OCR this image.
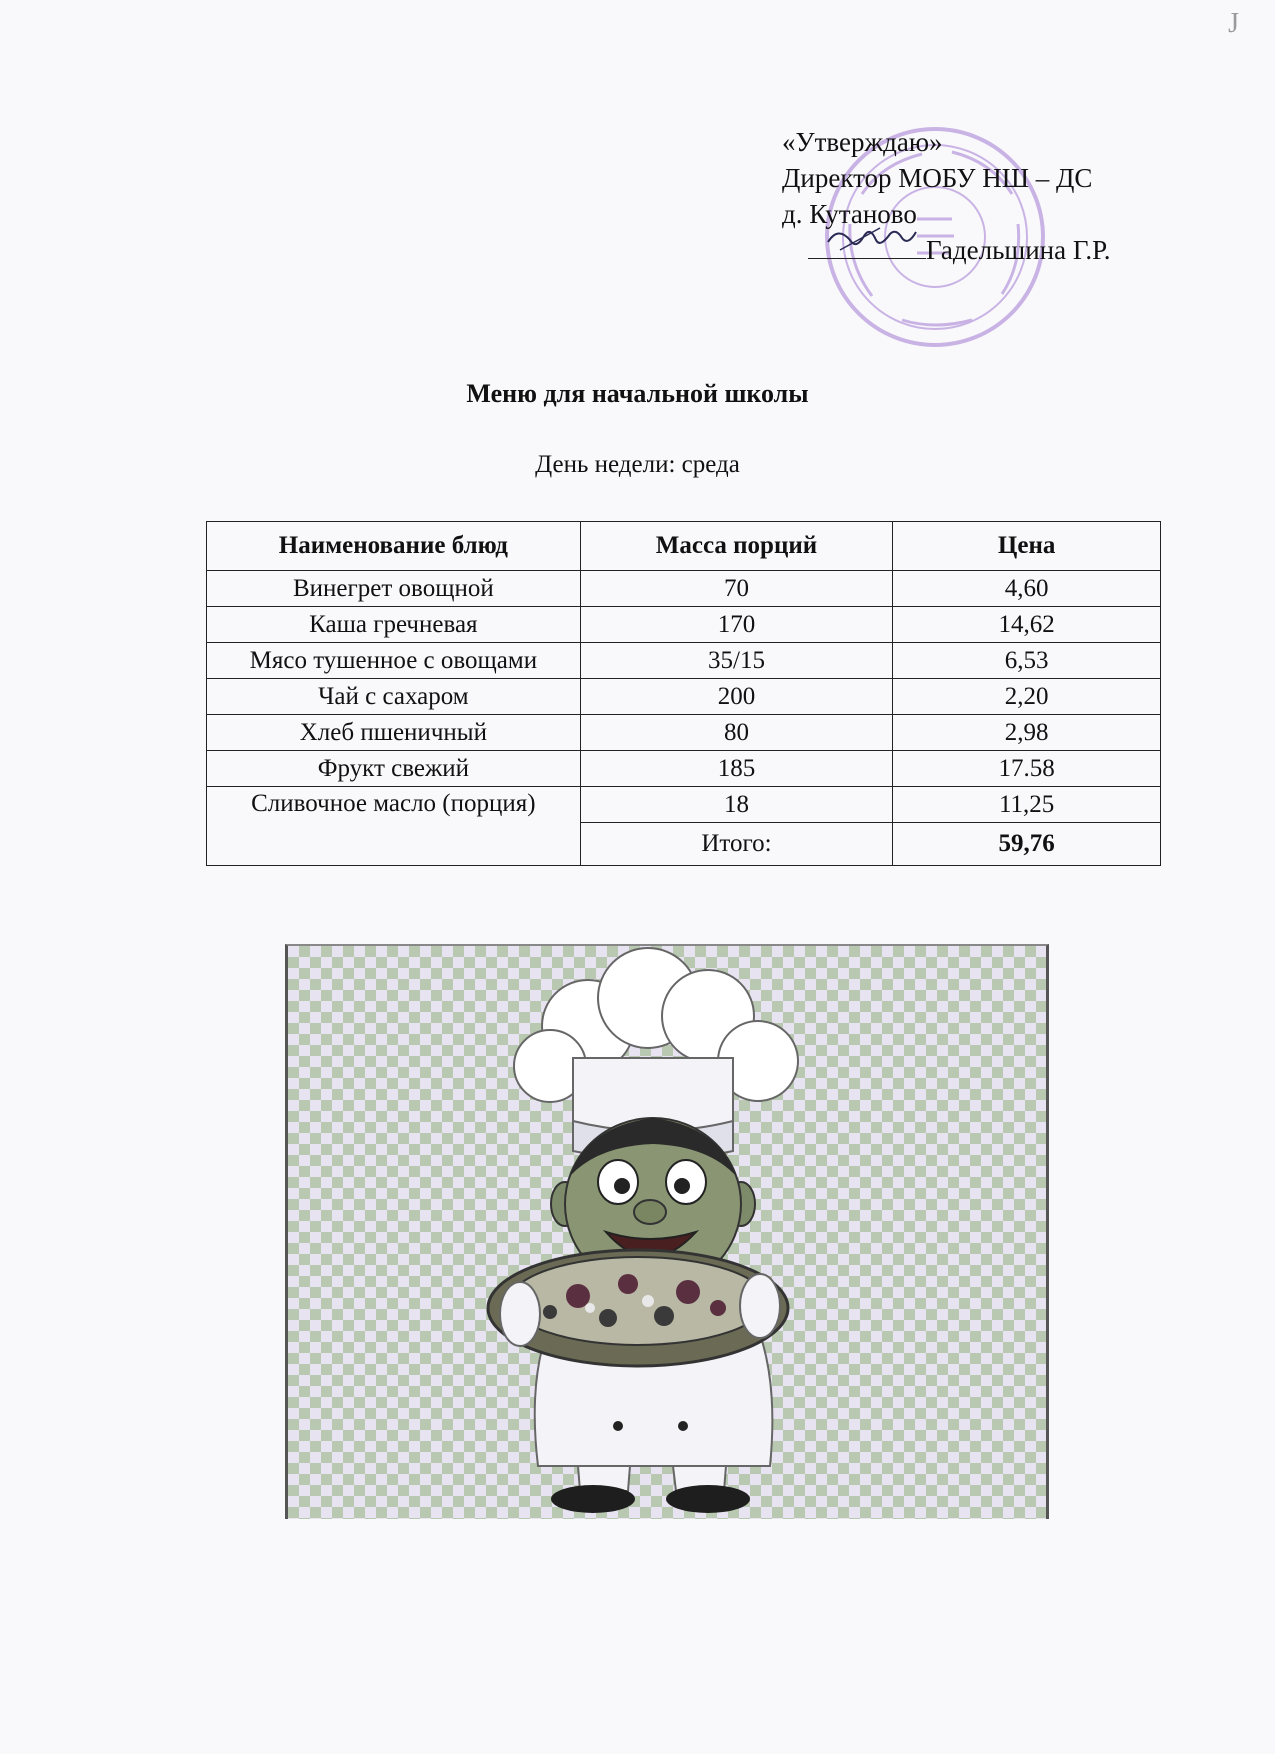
J
«Утверждаю»
Директор МОБУ НШ – ДС
д. Кутаново
Гадельшина Г.Р.
Меню для начальной школы
День недели: среда
Наименование блюд	Масса порций	Цена
Винегрет овощной	70	4,60
Каша гречневая	170	14,62
Мясо тушенное с овощами	35/15	6,53
Чай с сахаром	200	2,20
Хлеб пшеничный	80	2,98
Фрукт свежий	185	17.58
Сливочное масло (порция)	18	11,25
	Итого:	59,76
